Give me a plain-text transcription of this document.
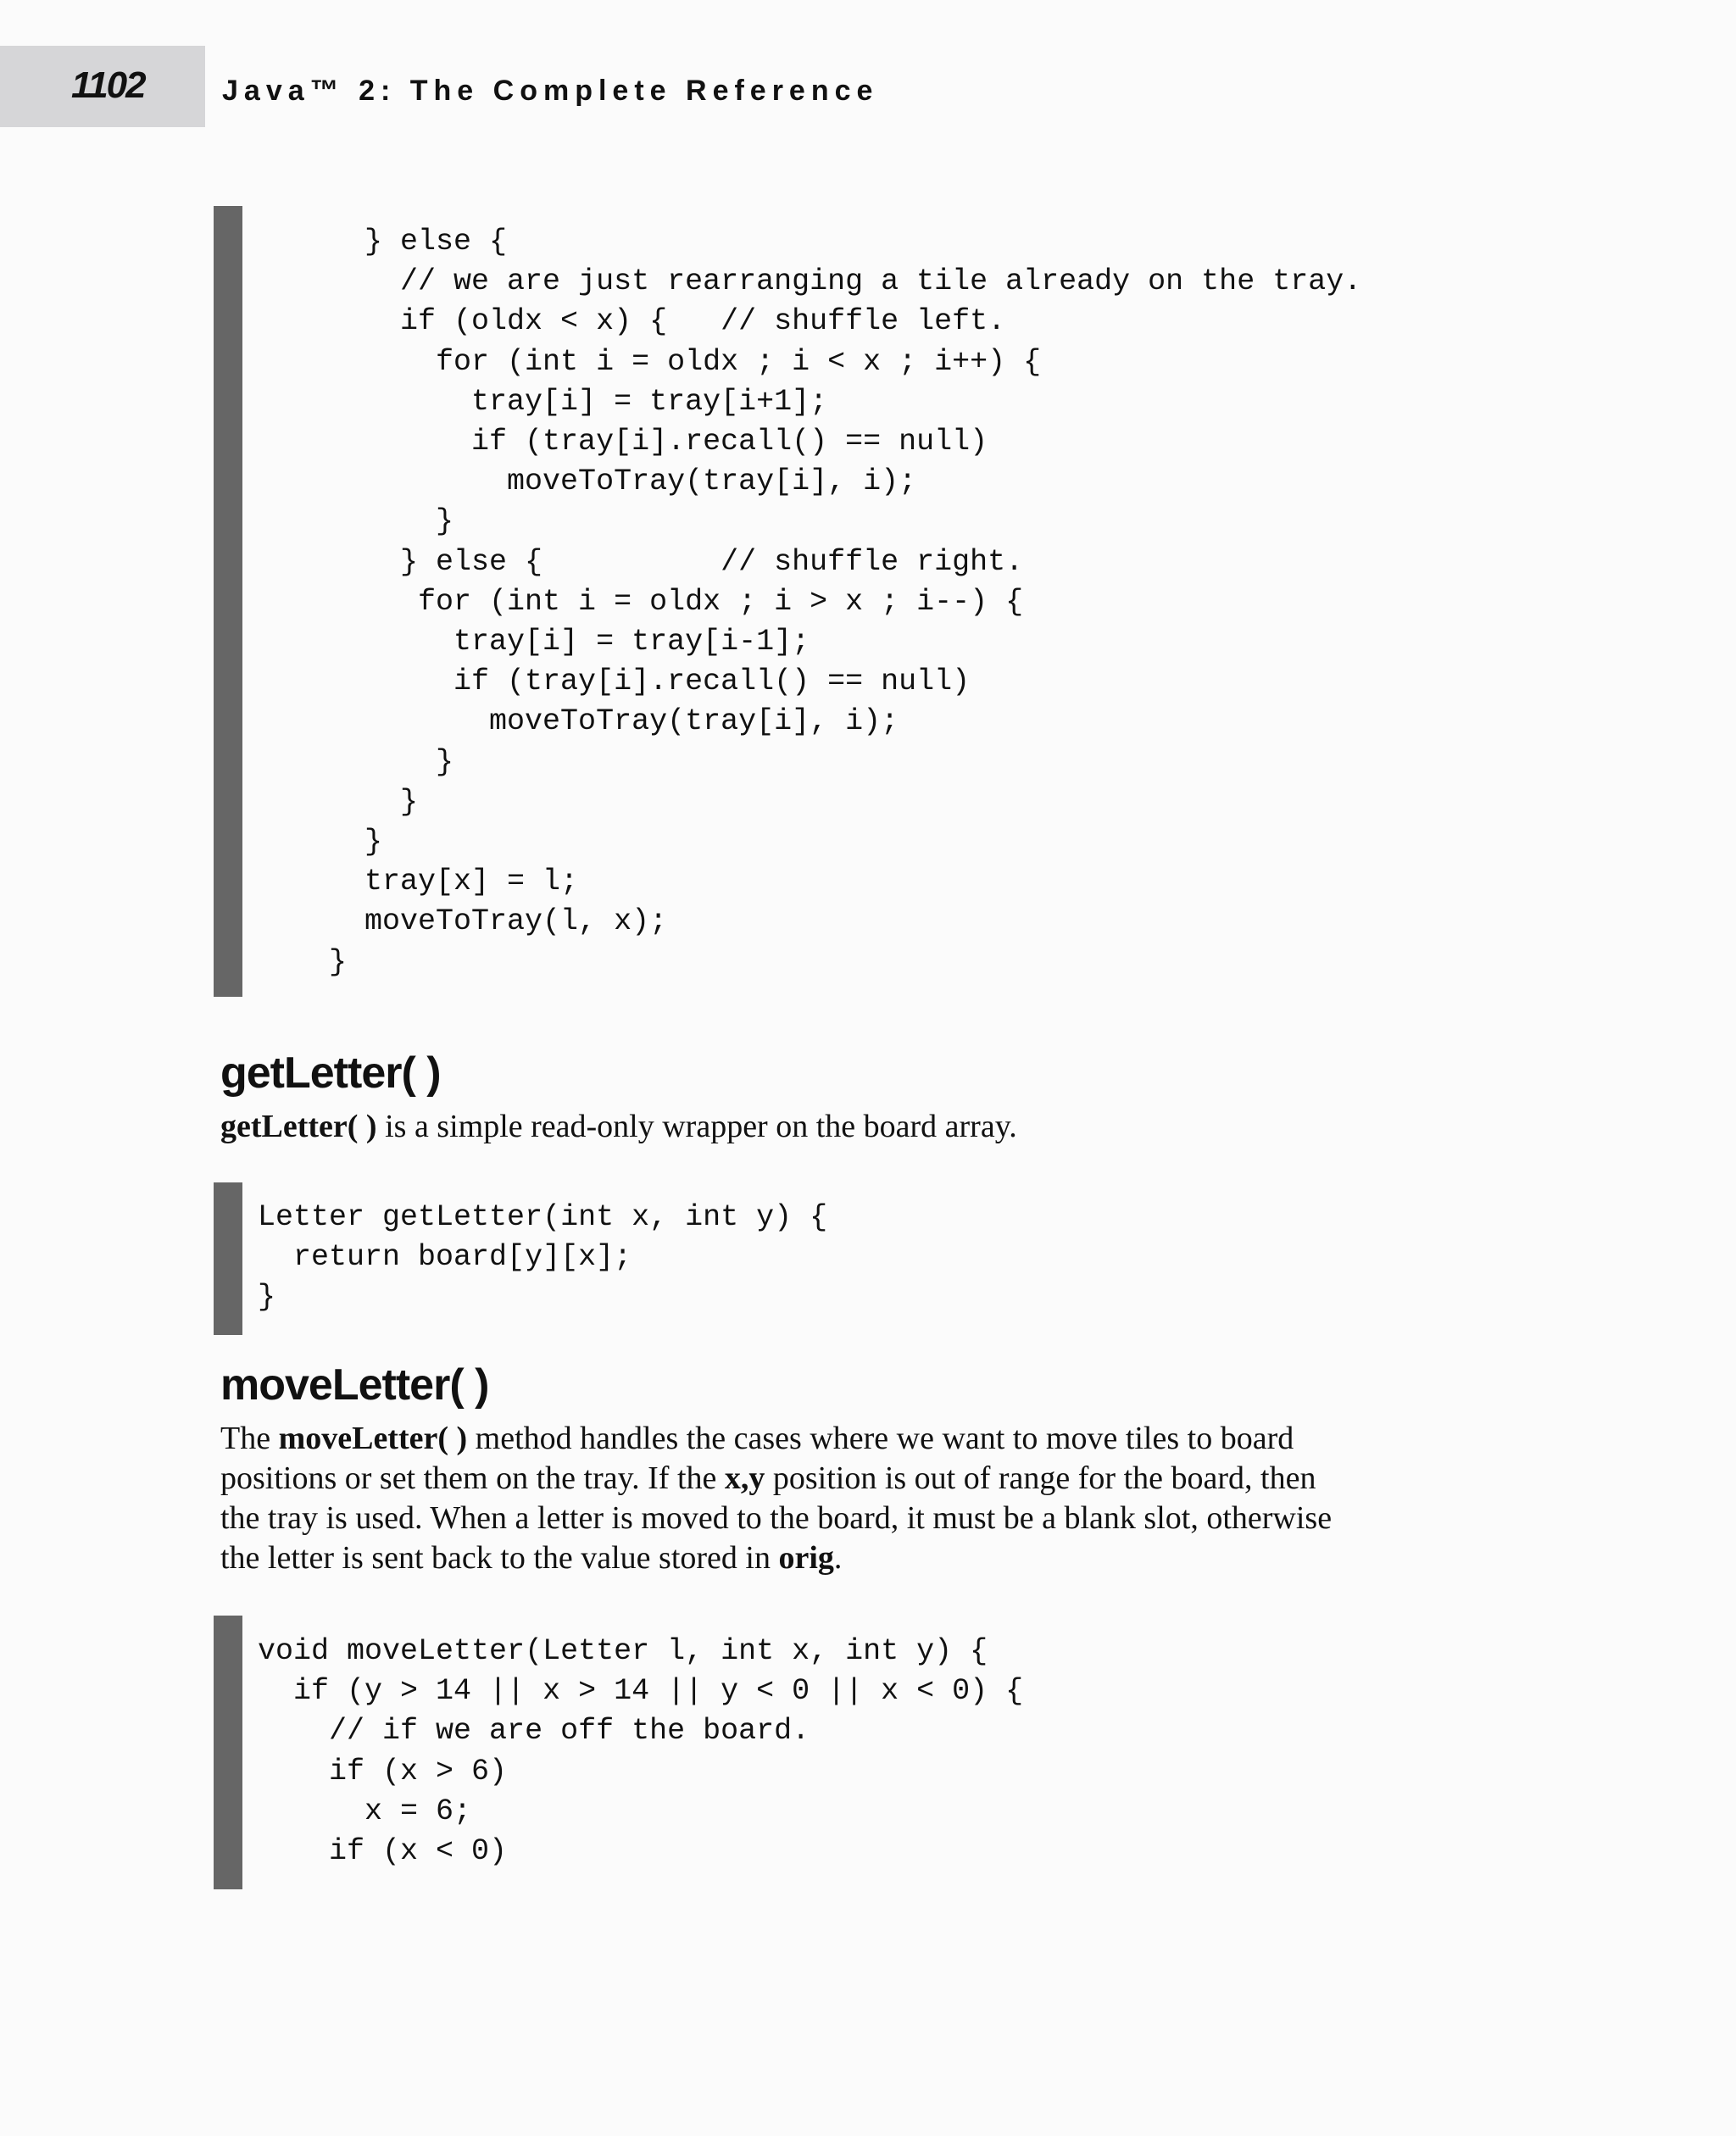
1102	Java™ 2: The Complete Reference
} else {
// we are just rearranging a tile already on the tray.
if (oldx < x) {   // shuffle left.
for (int i = oldx ; i < x ; i++) {
tray[i] = tray[i+1];
if (tray[i].recall() == null)
moveToTray(tray[i], i);
}
} else {          // shuffle right.
for (int i = oldx ; i > x ; i--) {
tray[i] = tray[i-1];
if (tray[i].recall() == null)
moveToTray(tray[i], i);
}
}
}
tray[x] = l;
moveToTray(l, x);
}
getLetter( )

getLetter( ) is a simple read-only wrapper on the board array.

Letter getLetter(int x, int y) {
return board[y][x];
}
moveLetter( )

The moveLetter( ) method handles the cases where we want to move tiles to board

positions or set them on the tray. If the x,y position is out of range for the board, then

the tray is used. When a letter is moved to the board, it must be a blank slot, otherwise

the letter is sent back to the value stored in orig.

void moveLetter(Letter l, int x, int y) {
if (y > 14 || x > 14 || y < 0 || x < 0) {
// if we are off the board.
if (x > 6)
x = 6;
if (x < 0)
